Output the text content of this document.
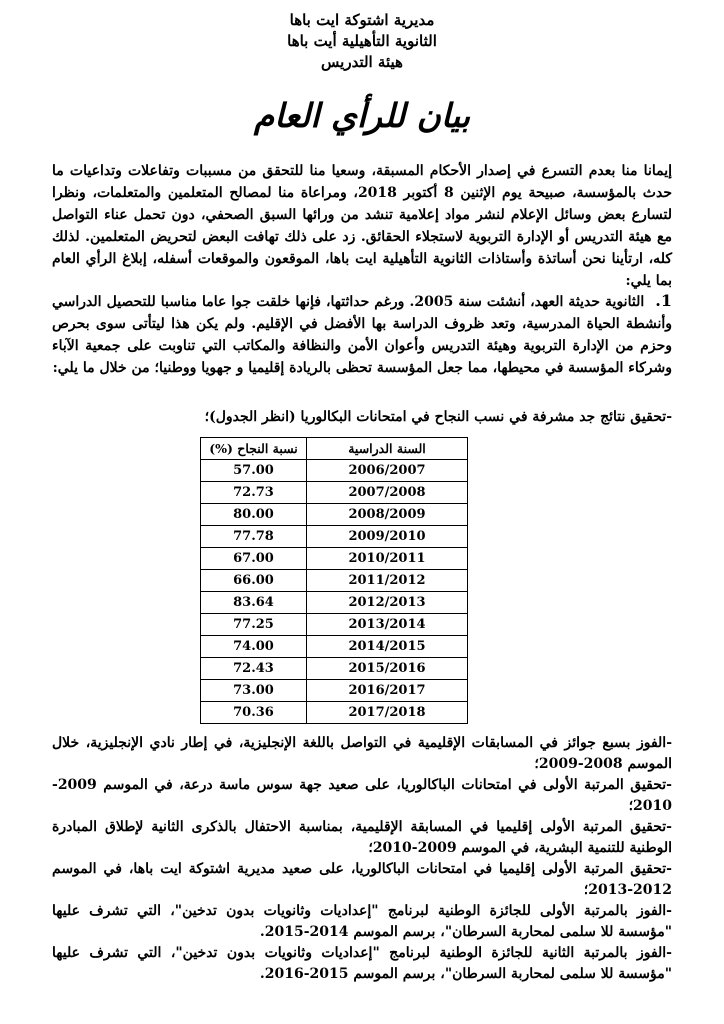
مديرية اشتوكة ايت باها
الثانوية التأهيلية أيت باها
هيئة التدريس
بيان للرأي العام
إيمانا منا بعدم التسرع في إصدار الأحكام المسبقة، وسعيا منا للتحقق من مسببات وتفاعلات وتداعيات ما حدث بالمؤسسة، صبيحة يوم الإثنين 8 أكتوبر 2018، ومراعاة منا لمصالح المتعلمين والمتعلمات، ونظرا لتسارع بعض وسائل الإعلام لنشر مواد إعلامية تنشد من ورائها السبق الصحفي، دون تحمل عناء التواصل مع هيئة التدريس أو الإدارة التربوية لاستجلاء الحقائق. زد على ذلك تهافت البعض لتحريض المتعلمين. لذلك كله، ارتأينا نحن أساتذة وأستاذات الثانوية التأهيلية ايت باها، الموقعون والموقعات أسفله، إبلاغ الرأي العام بما يلي:
1. الثانوية حديثة العهد، أنشئت سنة 2005. ورغم حداثتها، فإنها خلقت جوا عاما مناسبا للتحصيل الدراسي وأنشطة الحياة المدرسية، وتعد ظروف الدراسة بها الأفضل في الإقليم. ولم يكن هذا ليتأتى سوى بحرص وحزم من الإدارة التربوية وهيئة التدريس وأعوان الأمن والنظافة والمكاتب التي تناوبت على جمعية الآباء وشركاء المؤسسة في محيطها، مما جعل المؤسسة تحظى بالريادة إقليميا و جهويا ووطنيا؛ من خلال ما يلي:
-تحقيق نتائج جد مشرفة في نسب النجاح في امتحانات البكالوريا (انظر الجدول)؛
السنة الدراسية	نسبة النجاح (%)
2006/2007	57.00
2007/2008	72.73
2008/2009	80.00
2009/2010	77.78
2010/2011	67.00
2011/2012	66.00
2012/2013	83.64
2013/2014	77.25
2014/2015	74.00
2015/2016	72.43
2016/2017	73.00
2017/2018	70.36

-الفوز بسبع جوائز في المسابقات الإقليمية في التواصل باللغة الإنجليزية، في إطار نادي الإنجليزية، خلال الموسم 2008-2009؛

-تحقيق المرتبة الأولى في امتحانات الباكالوريا، على صعيد جهة سوس ماسة درعة، في الموسم 2009-2010؛

-تحقيق المرتبة الأولى إقليميا في المسابقة الإقليمية، بمناسبة الاحتفال بالذكرى الثانية لإطلاق المبادرة الوطنية للتنمية البشرية، في الموسم 2009-2010؛

-تحقيق المرتبة الأولى إقليميا في امتحانات الباكالوريا، على صعيد مديرية اشتوكة ايت باها، في الموسم 2012-2013؛

-الفوز بالمرتبة الأولى للجائزة الوطنية لبرنامج "إعداديات وثانويات بدون تدخين"، التي تشرف عليها "مؤسسة للا سلمى لمحاربة السرطان"، برسم الموسم 2014-2015.

-الفوز بالمرتبة الثانية للجائزة الوطنية لبرنامج "إعداديات وثانويات بدون تدخين"، التي تشرف عليها "مؤسسة للا سلمى لمحاربة السرطان"، برسم الموسم 2015-2016.
